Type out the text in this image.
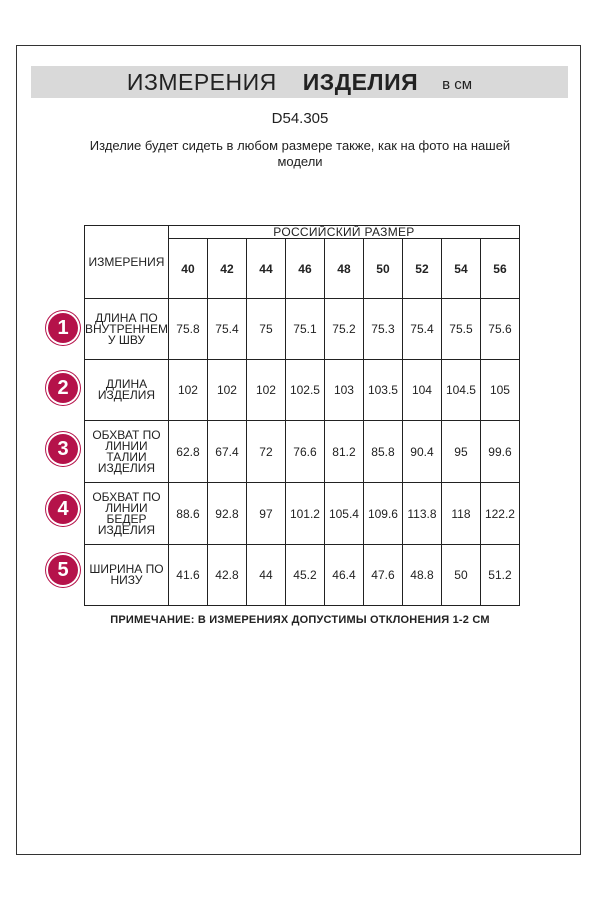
ИЗМЕРЕНИЯ ИЗДЕЛИЯ в см
D54.305
Изделие будет сидеть в любом размере также, как на фото на нашей модели
ИЗМЕРЕНИЯ	РОССИЙСКИЙ РАЗМЕР								
	40	42	44	46	48	50	52	54	56
ДЛИНА ПО ВНУТРЕННЕМ У ШВУ	75.8	75.4	75	75.1	75.2	75.3	75.4	75.5	75.6
ДЛИНА ИЗДЕЛИЯ	102	102	102	102.5	103	103.5	104	104.5	105
ОБХВАТ ПО ЛИНИИ ТАЛИИ ИЗДЕЛИЯ	62.8	67.4	72	76.6	81.2	85.8	90.4	95	99.6
ОБХВАТ ПО ЛИНИИ БЕДЕР ИЗДЕЛИЯ	88.6	92.8	97	101.2	105.4	109.6	113.8	118	122.2
ШИРИНА ПО НИЗУ	41.6	42.8	44	45.2	46.4	47.6	48.8	50	51.2
1
2
3
4
5
ПРИМЕЧАНИЕ: В ИЗМЕРЕНИЯХ ДОПУСТИМЫ ОТКЛОНЕНИЯ 1-2 СМ
